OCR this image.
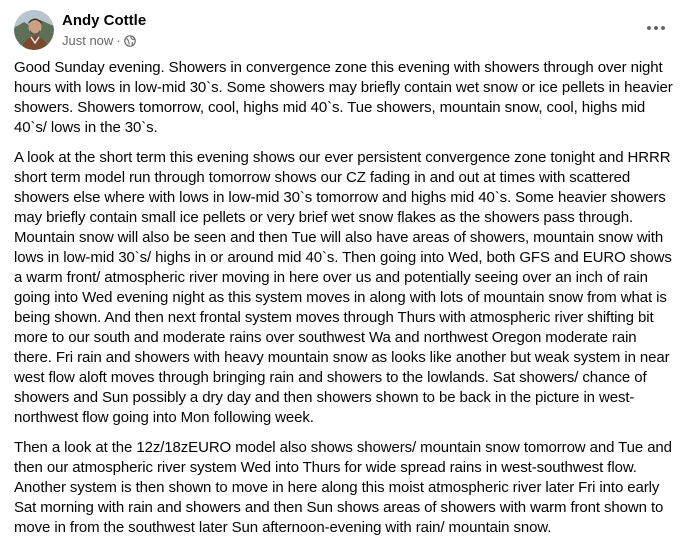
Andy Cottle
Just now ·

Good Sunday evening. Showers in convergence zone this evening with showers through over night hours with lows in low-mid 30`s. Some showers may briefly contain wet snow or ice pellets in heavier showers. Showers tomorrow, cool, highs mid 40`s. Tue showers, mountain snow, cool, highs mid 40`s/ lows in the 30`s.

A look at the short term this evening shows our ever persistent convergence zone tonight and HRRR short term model run through tomorrow shows our CZ fading in and out at times with scattered showers else where with lows in low-mid 30`s tomorrow and highs mid 40`s. Some heavier showers may briefly contain small ice pellets or very brief wet snow flakes as the showers pass through. Mountain snow will also be seen and then Tue will also have areas of showers, mountain snow with lows in low-mid 30`s/ highs in or around mid 40`s. Then going into Wed, both GFS and EURO shows a warm front/ atmospheric river moving in here over us and potentially seeing over an inch of rain going into Wed evening night as this system moves in along with lots of mountain snow from what is being shown. And then next frontal system moves through Thurs with atmospheric river shifting bit more to our south and moderate rains over southwest Wa and northwest Oregon moderate rain there. Fri rain and showers with heavy mountain snow as looks like another but weak system in near west flow aloft moves through bringing rain and showers to the lowlands. Sat showers/ chance of showers and Sun possibly a dry day and then showers shown to be back in the picture in west-northwest flow going into Mon following week.

Then a look at the 12z/18zEURO model also shows showers/ mountain snow tomorrow and Tue and then our atmospheric river system Wed into Thurs for wide spread rains in west-southwest flow. Another system is then shown to move in here along this moist atmospheric river later Fri into early Sat morning with rain and showers and then Sun shows areas of showers with warm front shown to move in from the southwest later Sun afternoon-evening with rain/ mountain snow.
